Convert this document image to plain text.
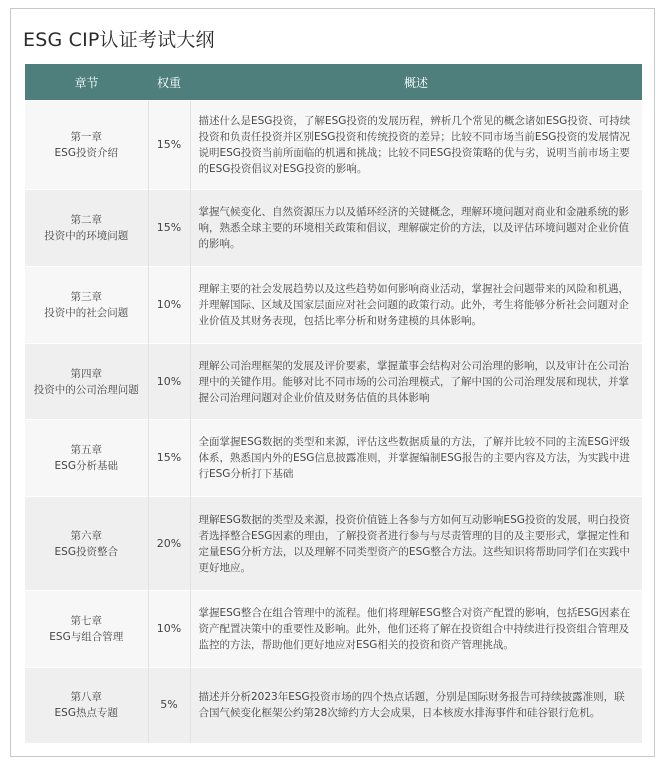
ESG CIP认证考试大纲
章节	权重	概述

第一章
ESG投资介绍	15%	描述什么是ESG投资，了解ESG投资的发展历程，辨析几个常见的概念诸如ESG投资、可持续投资和负责任投资并区别ESG投资和传统投资的差异；比较不同市场当前ESG投资的发展情况说明ESG投资当前所面临的机遇和挑战；比较不同ESG投资策略的优与劣，说明当前市场主要的ESG投资倡议对ESG投资的影响。

第二章
投资中的环境问题	15%	掌握气候变化、自然资源压力以及循环经济的关键概念，理解环境问题对商业和金融系统的影响，熟悉全球主要的环境相关政策和倡议，理解碳定价的方法，以及评估环境问题对企业价值的影响。

第三章
投资中的社会问题	10%	理解主要的社会发展趋势以及这些趋势如何影响商业活动，掌握社会问题带来的风险和机遇，并理解国际、区域及国家层面应对社会问题的政策行动。此外，考生将能够分析社会问题对企业价值及其财务表现，包括比率分析和财务建模的具体影响。

第四章
投资中的公司治理问题	10%	理解公司治理框架的发展及评价要素，掌握董事会结构对公司治理的影响，以及审计在公司治理中的关键作用。能够对比不同市场的公司治理模式，了解中国的公司治理发展和现状，并掌握公司治理问题对企业价值及财务估值的具体影响

第五章
ESG分析基础	15%	全面掌握ESG数据的类型和来源，评估这些数据质量的方法，了解并比较不同的主流ESG评级体系，熟悉国内外的ESG信息披露准则，并掌握编制ESG报告的主要内容及方法，为实践中进行ESG分析打下基础

第六章
ESG投资整合	20%	理解ESG数据的类型及来源，投资价值链上各参与方如何互动影响ESG投资的发展，明白投资者选择整合ESG因素的理由，了解投资者进行参与与尽责管理的目的及主要形式，掌握定性和定量ESG分析方法，以及理解不同类型资产的ESG整合方法。这些知识将帮助同学们在实践中更好地应。

第七章
ESG与组合管理	10%	掌握ESG整合在组合管理中的流程。他们将理解ESG整合对资产配置的影响，包括ESG因素在资产配置决策中的重要性及影响。此外，他们还将了解在投资组合中持续进行投资组合管理及监控的方法，帮助他们更好地应对ESG相关的投资和资产管理挑战。

第八章
ESG热点专题	5%	描述并分析2023年ESG投资市场的四个热点话题，分别是国际财务报告可持续披露准则，联合国气候变化框架公约第28次缔约方大会成果，日本核废水排海事件和硅谷银行危机。
